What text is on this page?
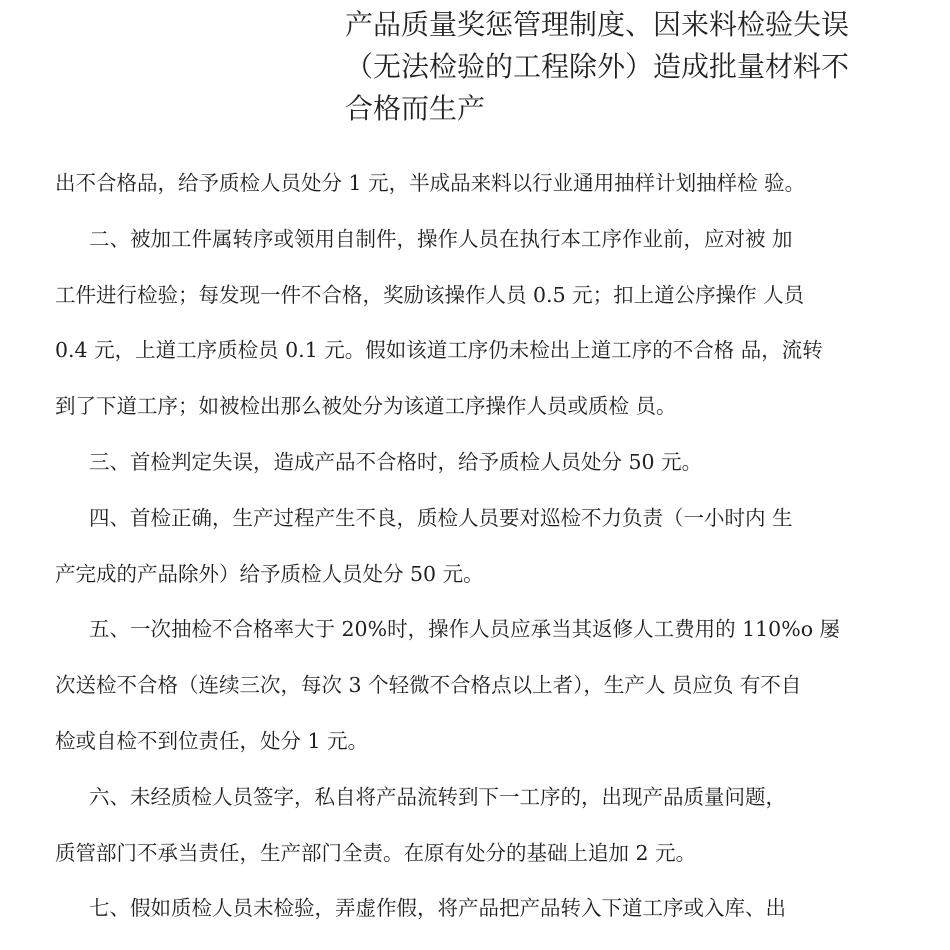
产品质量奖惩管理制度、因来料检验失误
（无法检验的工程除外）造成批量材料不
合格而生产
出不合格品，给予质检人员处分 1 元，半成品来料以行业通用抽样计划抽样检 验。
二、被加工件属转序或领用自制件，操作人员在执行本工序作业前，应对被 加
工件进行检验；每发现一件不合格，奖励该操作人员 0.5 元；扣上道公序操作 人员
0.4 元，上道工序质检员 0.1 元。假如该道工序仍未检出上道工序的不合格 品，流转
到了下道工序；如被检出那么被处分为该道工序操作人员或质检 员。
三、首检判定失误，造成产品不合格时，给予质检人员处分 50 元。
四、首检正确，生产过程产生不良，质检人员要对巡检不力负责（一小时内 生
产完成的产品除外）给予质检人员处分 50 元。
五、一次抽检不合格率大于 20%时，操作人员应承当其返修人工费用的 110%o 屡
次送检不合格（连续三次，每次 3 个轻微不合格点以上者），生产人 员应负 有不自
检或自检不到位责任，处分 1 元。
六、未经质检人员签字，私自将产品流转到下一工序的，出现产品质量问题，
质管部门不承当责任，生产部门全责。在原有处分的基础上追加 2 元。
七、假如质检人员未检验，弄虚作假，将产品把产品转入下道工序或入库、出
